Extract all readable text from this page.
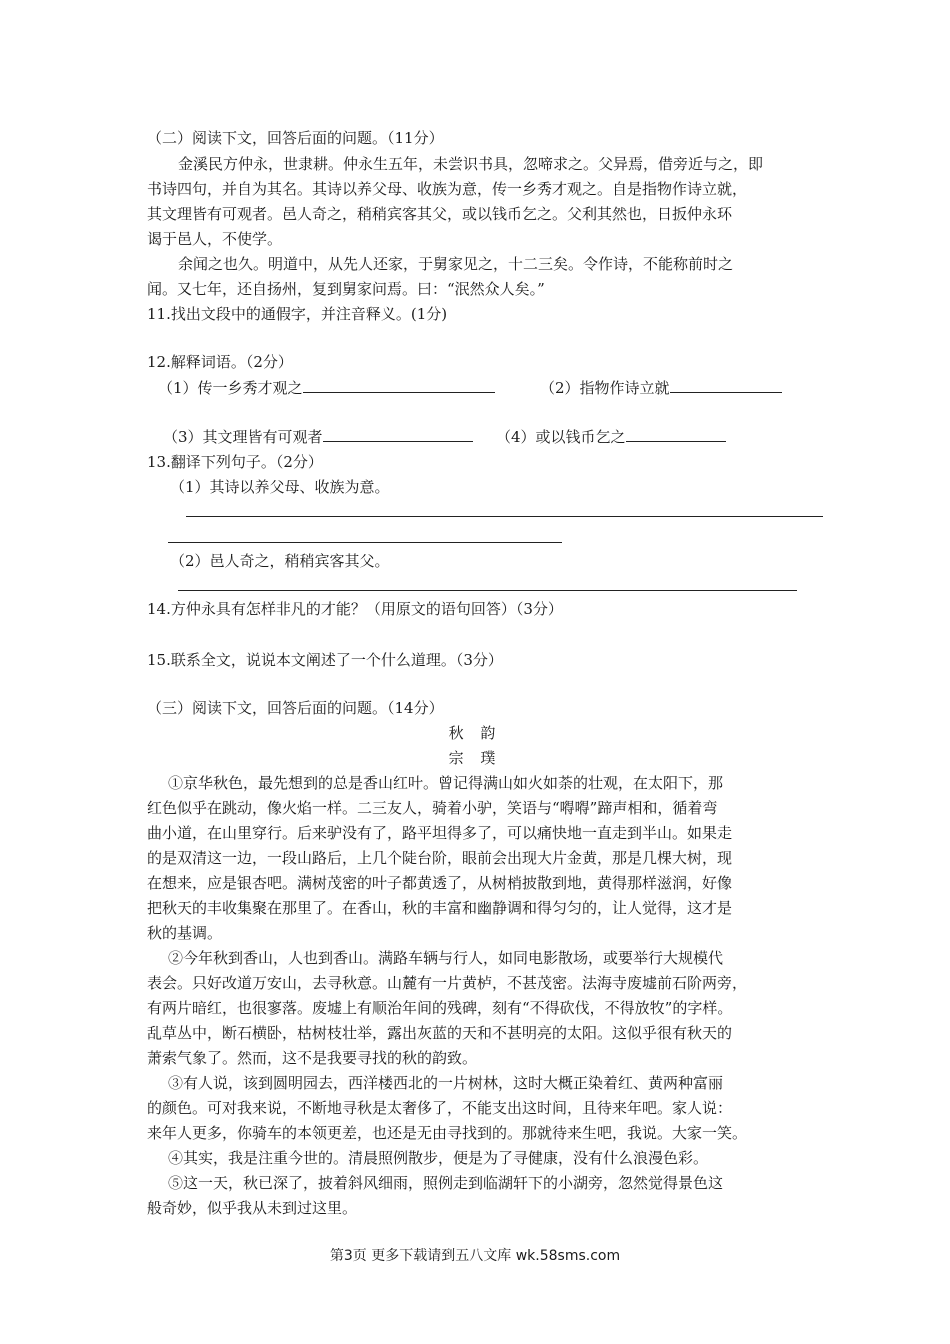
（二）阅读下文，回答后面的问题。（11分）
金溪民方仲永，世隶耕。仲永生五年，未尝识书具，忽啼求之。父异焉，借旁近与之，即
书诗四句，并自为其名。其诗以养父母、收族为意，传一乡秀才观之。自是指物作诗立就，
其文理皆有可观者。邑人奇之，稍稍宾客其父，或以钱币乞之。父利其然也，日扳仲永环
谒于邑人，不使学。
余闻之也久。明道中，从先人还家，于舅家见之，十二三矣。令作诗，不能称前时之
闻。又七年，还自扬州，复到舅家问焉。曰：“泯然众人矣。”
11.找出文段中的通假字，并注音释义。(1分)
12.解释词语。（2分）
（1）传一乡秀才观之	（2）指物作诗立就
（3）其文理皆有可观者	（4）或以钱币乞之
13.翻译下列句子。（2分）
（1）其诗以养父母、收族为意。
（2）邑人奇之，稍稍宾客其父。
14.方仲永具有怎样非凡的才能？（用原文的语句回答）（3分）
15.联系全文，说说本文阐述了一个什么道理。（3分）
（三）阅读下文，回答后面的问题。（14分）
秋 韵
宗 璞
①京华秋色，最先想到的总是香山红叶。曾记得满山如火如荼的壮观，在太阳下，那
红色似乎在跳动，像火焰一样。二三友人，骑着小驴，笑语与“嘚嘚”蹄声相和，循着弯
曲小道，在山里穿行。后来驴没有了，路平坦得多了，可以痛快地一直走到半山。如果走
的是双清这一边，一段山路后，上几个陡台阶，眼前会出现大片金黄，那是几棵大树，现
在想来，应是银杏吧。满树茂密的叶子都黄透了，从树梢披散到地，黄得那样滋润，好像
把秋天的丰收集聚在那里了。在香山，秋的丰富和幽静调和得匀匀的，让人觉得，这才是
秋的基调。
②今年秋到香山，人也到香山。满路车辆与行人，如同电影散场，或要举行大规模代
表会。只好改道万安山，去寻秋意。山麓有一片黄栌，不甚茂密。法海寺废墟前石阶两旁，
有两片暗红，也很寥落。废墟上有顺治年间的残碑，刻有“不得砍伐，不得放牧”的字样。
乱草丛中，断石横卧，枯树枝壮举，露出灰蓝的天和不甚明亮的太阳。这似乎很有秋天的
萧索气象了。然而，这不是我要寻找的秋的韵致。
③有人说，该到圆明园去，西洋楼西北的一片树林，这时大概正染着红、黄两种富丽
的颜色。可对我来说，不断地寻秋是太奢侈了，不能支出这时间，且待来年吧。家人说：
来年人更多，你骑车的本领更差，也还是无由寻找到的。那就待来生吧，我说。大家一笑。
④其实，我是注重今世的。清晨照例散步，便是为了寻健康，没有什么浪漫色彩。
⑤这一天，秋已深了，披着斜风细雨，照例走到临湖轩下的小湖旁，忽然觉得景色这
般奇妙，似乎我从未到过这里。
第3页 更多下载请到五八文库 wk.58sms.com
